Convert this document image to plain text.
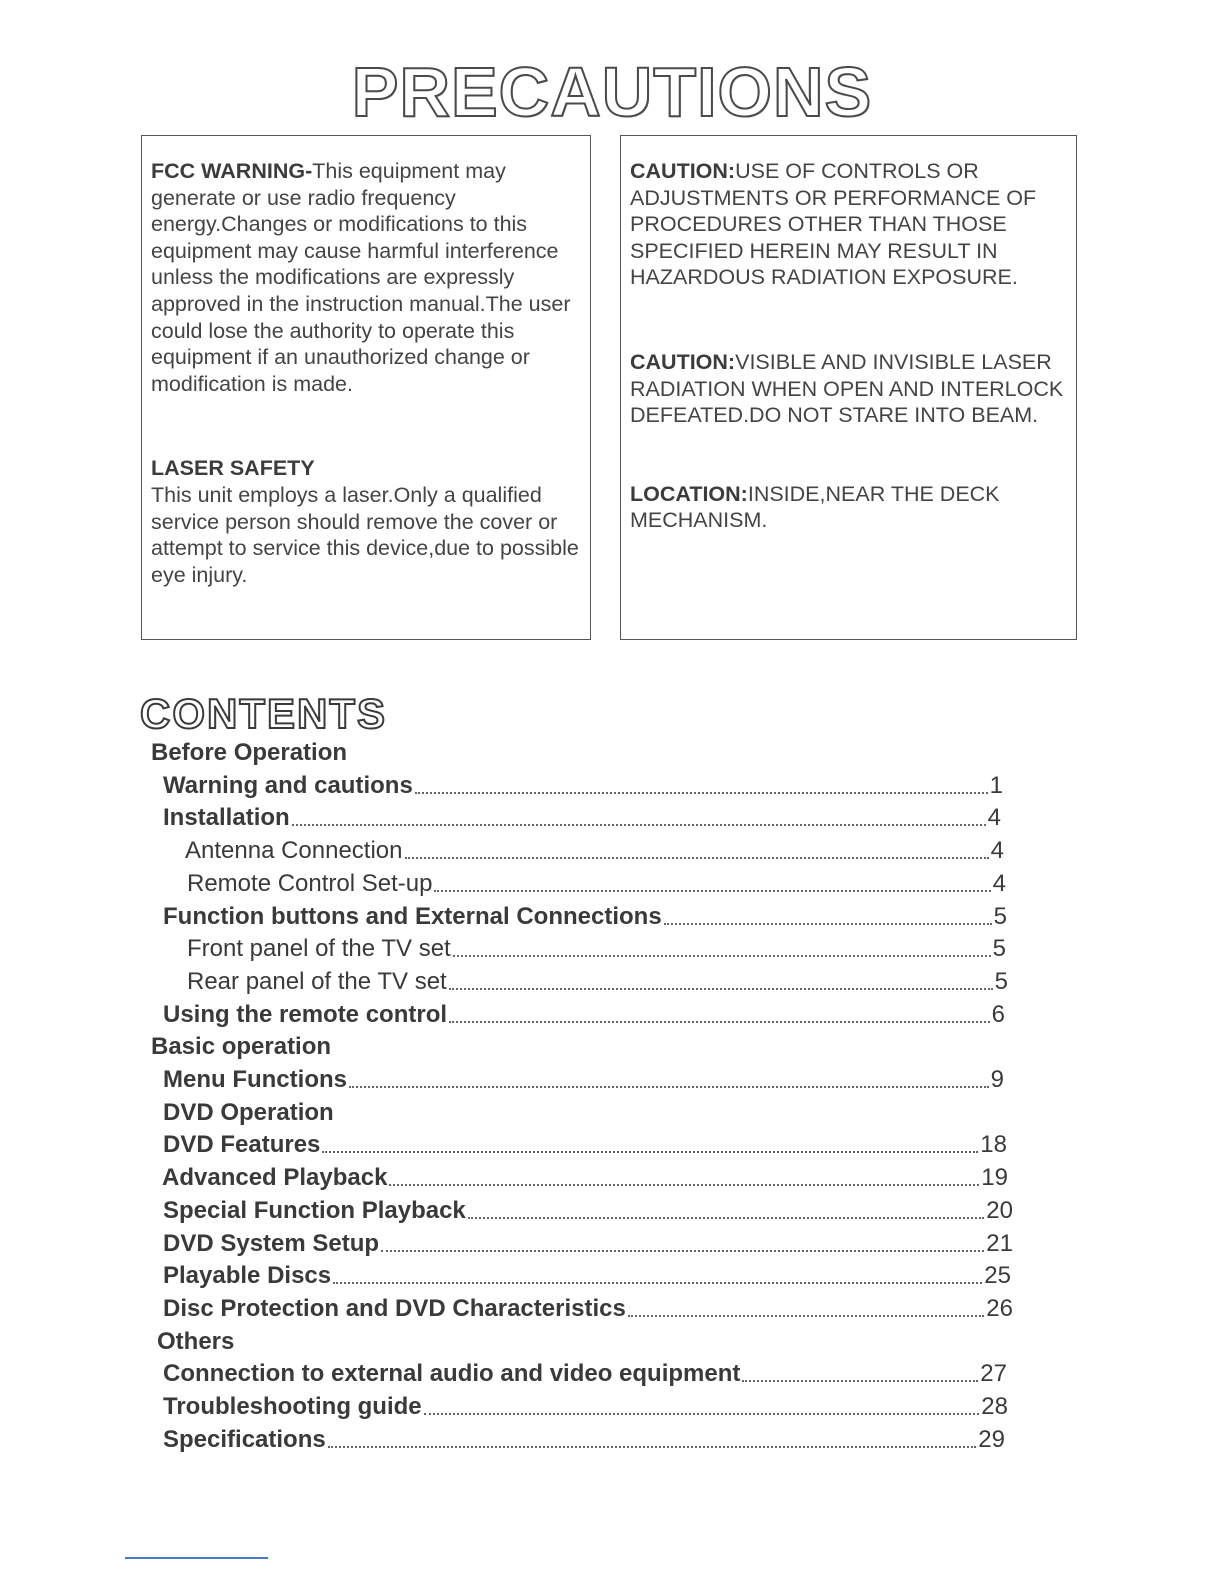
PRECAUTIONS

FCC WARNING-This equipment may generate or use radio frequency energy.Changes or modifications to this equipment may cause harmful interference unless the modifications are expressly approved in the instruction manual.The user could lose the authority to operate this equipment if an unauthorized change or modification is made.

LASER SAFETY

This unit employs a laser.Only a qualified service person should remove the cover or attempt to service this device,due to possible eye injury.

CAUTION:USE OF CONTROLS OR ADJUSTMENTS OR PERFORMANCE OF PROCEDURES OTHER THAN THOSE SPECIFIED HEREIN MAY RESULT IN HAZARDOUS RADIATION EXPOSURE.

CAUTION:VISIBLE AND INVISIBLE LASER RADIATION WHEN OPEN AND INTERLOCK DEFEATED.DO NOT STARE INTO BEAM.

LOCATION:INSIDE,NEAR THE DECK MECHANISM.

CONTENTS
Before Operation
Warning and cautions	1
Installation	4
Antenna Connection	4
Remote Control Set-up	4
Function buttons and External Connections	5
Front panel of the TV set	5
Rear panel of the TV set	5
Using the remote control	6
Basic operation
Menu Functions	9
DVD Operation
DVD Features	18
Advanced Playback	19
Special Function Playback	20
DVD System Setup	21
Playable Discs	25
Disc Protection and DVD Characteristics	26
Others
Connection to external audio and video equipment	27
Troubleshooting guide	28
Specifications	29
